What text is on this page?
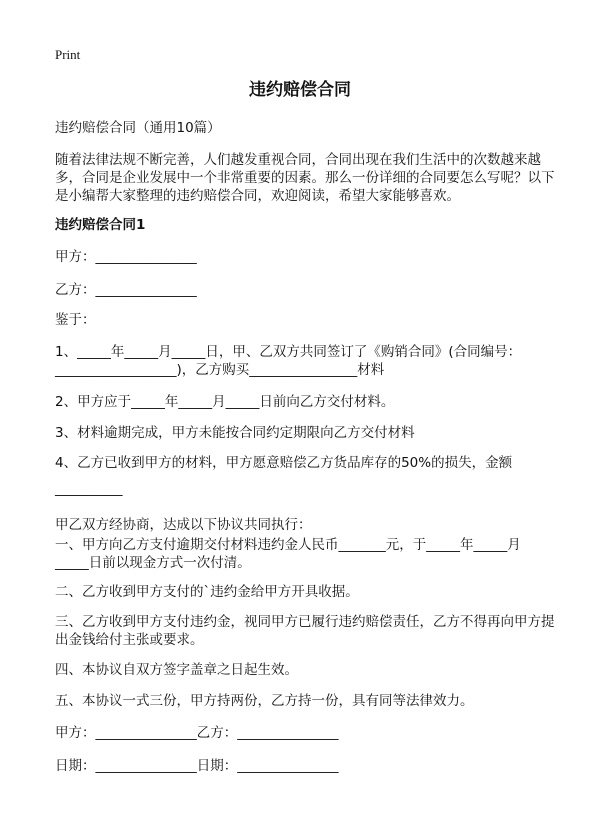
Print
违约赔偿合同
违约赔偿合同（通用10篇）
随着法律法规不断完善，人们越发重视合同，合同出现在我们生活中的次数越来越多，合同是企业发展中一个非常重要的因素。那么一份详细的合同要怎么写呢？以下是小编帮大家整理的违约赔偿合同，欢迎阅读，希望大家能够喜欢。
违约赔偿合同1
甲方：_______________
乙方：_______________
鉴于：
1、_____年_____月_____日，甲、乙双方共同签订了《购销合同》(合同编号：
__________________)，乙方购买________________材料
2、甲方应于_____年_____月_____日前向乙方交付材料。
3、材料逾期完成，甲方未能按合同约定期限向乙方交付材料
4、乙方已收到甲方的材料，甲方愿意赔偿乙方货品库存的50%的损失，金额
__________
甲乙双方经协商，达成以下协议共同执行：
一、甲方向乙方支付逾期交付材料违约金人民币_______元，于_____年_____月
_____日前以现金方式一次付清。
二、乙方收到甲方支付的`违约金给甲方开具收据。
三、乙方收到甲方支付违约金，视同甲方已履行违约赔偿责任，乙方不得再向甲方提出金钱给付主张或要求。
四、本协议自双方签字盖章之日起生效。
五、本协议一式三份，甲方持两份，乙方持一份，具有同等法律效力。
甲方：_______________乙方：_______________
日期：_______________日期：_______________
